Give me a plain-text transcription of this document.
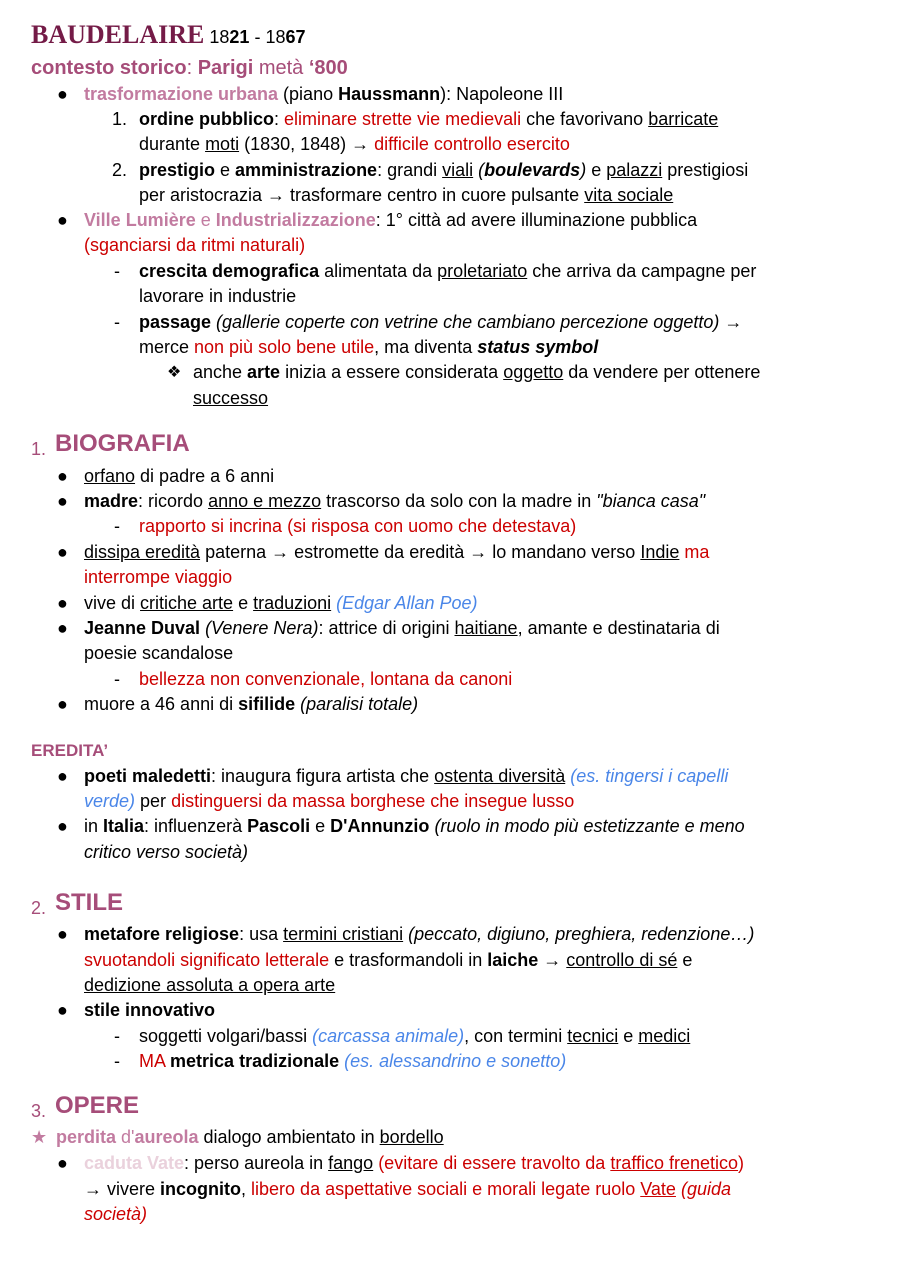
BAUDELAIRE 1821 - 1867
contesto storico: Parigi metà ‘800
● trasformazione urbana (piano Haussmann): Napoleone III
1. ordine pubblico: eliminare strette vie medievali che favorivano barricate
durante moti (1830, 1848) → difficile controllo esercito
2. prestigio e amministrazione: grandi viali (boulevards) e palazzi prestigiosi
per aristocrazia → trasformare centro in cuore pulsante vita sociale
● Ville Lumière e Industrializzazione: 1° città ad avere illuminazione pubblica
(sganciarsi da ritmi naturali)
- crescita demografica alimentata da proletariato che arriva da campagne per
lavorare in industrie
- passage (gallerie coperte con vetrine che cambiano percezione oggetto) →
merce non più solo bene utile, ma diventa status symbol
❖ anche arte inizia a essere considerata oggetto da vendere per ottenere
successo
1. BIOGRAFIA
● orfano di padre a 6 anni
● madre: ricordo anno e mezzo trascorso da solo con la madre in "bianca casa"
- rapporto si incrina (si risposa con uomo che detestava)
● dissipa eredità paterna → estromette da eredità → lo mandano verso Indie ma
interrompe viaggio
● vive di critiche arte e traduzioni (Edgar Allan Poe)
● Jeanne Duval (Venere Nera): attrice di origini haitiane, amante e destinataria di
poesie scandalose
- bellezza non convenzionale, lontana da canoni
● muore a 46 anni di sifilide (paralisi totale)
EREDITA’
● poeti maledetti: inaugura figura artista che ostenta diversità (es. tingersi i capelli
verde) per distinguersi da massa borghese che insegue lusso
● in Italia: influenzerà Pascoli e D'Annunzio (ruolo in modo più estetizzante e meno
critico verso società)
2. STILE
● metafore religiose: usa termini cristiani (peccato, digiuno, preghiera, redenzione…)
svuotandoli significato letterale e trasformandoli in laiche → controllo di sé e
dedizione assoluta a opera arte
● stile innovativo
- soggetti volgari/bassi (carcassa animale), con termini tecnici e medici
- MA metrica tradizionale (es. alessandrino e sonetto)
3. OPERE
★ perdita d'aureola dialogo ambientato in bordello
● caduta Vate: perso aureola in fango (evitare di essere travolto da traffico frenetico)
→ vivere incognito, libero da aspettative sociali e morali legate ruolo Vate (guida
società)
